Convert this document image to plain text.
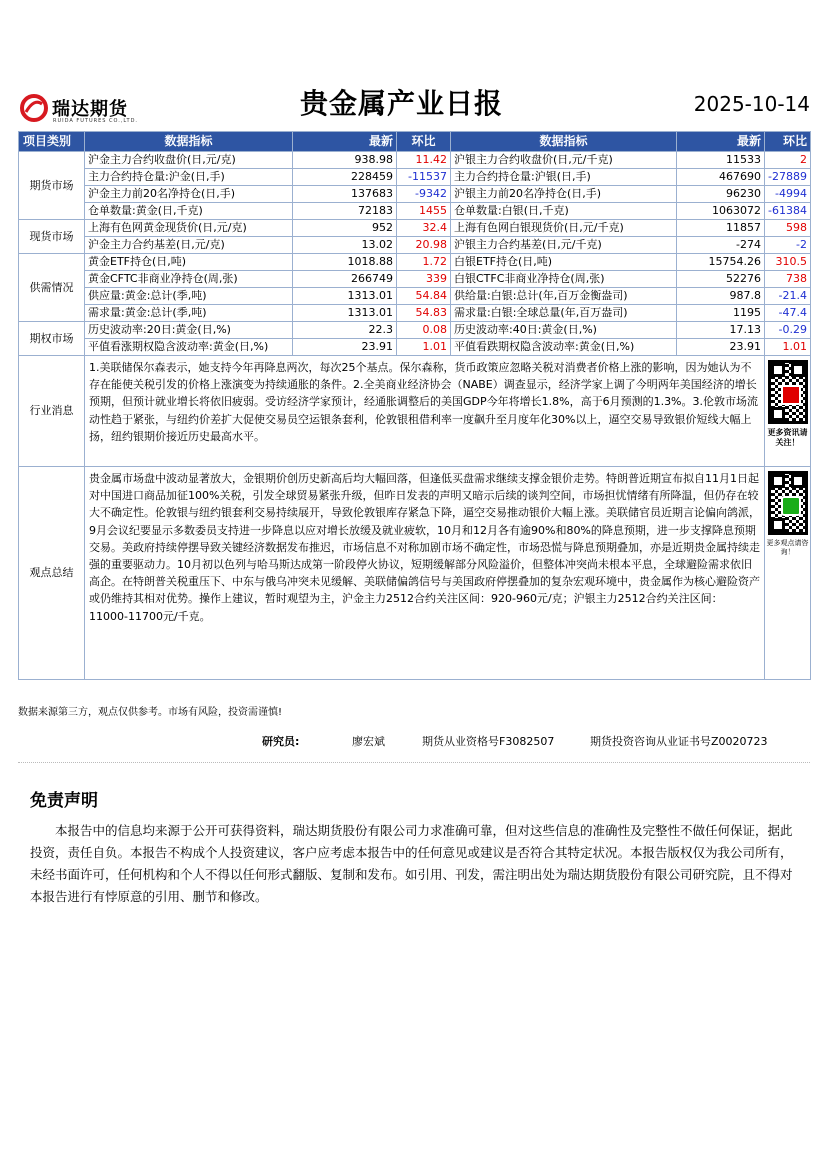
瑞达期货
RUIDA FUTURES CO.,LTD.
贵金属产业日报	2025-10-14
项目类别	数据指标	最新	环比	数据指标	最新	环比
期货市场	沪金主力合约收盘价(日,元/克)	938.98	11.42	沪银主力合约收盘价(日,元/千克)	11533	2
	主力合约持仓量:沪金(日,手)	228459	-11537	主力合约持仓量:沪银(日,手)	467690	-27889
	沪金主力前20名净持仓(日,手)	137683	-9342	沪银主力前20名净持仓(日,手)	96230	-4994
	仓单数量:黄金(日,千克)	72183	1455	仓单数量:白银(日,千克)	1063072	-61384
现货市场	上海有色网黄金现货价(日,元/克)	952	32.4	上海有色网白银现货价(日,元/千克)	11857	598
	沪金主力合约基差(日,元/克)	13.02	20.98	沪银主力合约基差(日,元/千克)	-274	-2
供需情况	黄金ETF持仓(日,吨)	1018.88	1.72	白银ETF持仓(日,吨)	15754.26	310.5
	黄金CFTC非商业净持仓(周,张)	266749	339	白银CTFC非商业净持仓(周,张)	52276	738
	供应量:黄金:总计(季,吨)	1313.01	54.84	供给量:白银:总计(年,百万金衡盎司)	987.8	-21.4
	需求量:黄金:总计(季,吨)	1313.01	54.83	需求量:白银:全球总量(年,百万盎司)	1195	-47.4
期权市场	历史波动率:20日:黄金(日,%)	22.3	0.08	历史波动率:40日:黄金(日,%)	17.13	-0.29
	平值看涨期权隐含波动率:黄金(日,%)	23.91	1.01	平值看跌期权隐含波动率:黄金(日,%)	23.91	1.01
行业消息	1.美联储保尔森表示，她支持今年再降息两次，每次25个基点。保尔森称，货币政策应忽略关税对消费者价格上涨的影响，因为她认为不存在能使关税引发的价格上涨演变为持续通胀的条件。2.全美商业经济协会（NABE）调查显示，经济学家上调了今明两年美国经济的增长预期，但预计就业增长将依旧疲弱。受访经济学家预计，经通胀调整后的美国GDP今年将增长1.8%，高于6月预测的1.3%。3.伦敦市场流动性趋于紧张，与纽约价差扩大促使交易员空运银条套利，伦敦银租借利率一度飙升至月度年化30%以上，逼空交易导致银价短线大幅上扬，纽约银期价接近历史最高水平。					更多资讯请关注！

观点总结	贵金属市场盘中波动显著放大，金银期价创历史新高后均大幅回落，但逢低买盘需求继续支撑金银价走势。特朗普近期宣布拟自11月1日起对中国进口商品加征100%关税，引发全球贸易紧张升级，但昨日发表的声明又暗示后续的谈判空间，市场担忧情绪有所降温，但仍存在较大不确定性。伦敦银与纽约银套利交易持续展开，导致伦敦银库存紧急下降，逼空交易推动银价大幅上涨。美联储官员近期言论偏向鸽派，9月会议纪要显示多数委员支持进一步降息以应对增长放缓及就业疲软，10月和12月各有逾90%和80%的降息预期，进一步支撑降息预期交易。美政府持续停摆导致关键经济数据发布推迟，市场信息不对称加剧市场不确定性，市场恐慌与降息预期叠加，亦是近期贵金属持续走强的重要驱动力。10月初以色列与哈马斯达成第一阶段停火协议，短期缓解部分风险溢价，但整体冲突尚未根本平息，全球避险需求依旧高企。在特朗普关税重压下、中东与俄乌冲突未见缓解、美联储偏鸽信号与美国政府停摆叠加的复杂宏观环境中，贵金属作为核心避险资产或仍维持其相对优势。操作上建议，暂时观望为主，沪金主力2512合约关注区间：920-960元/克；沪银主力2512合约关注区间：11000-11700元/千克。					更多观点请咨询！
数据来源第三方，观点仅供参考。市场有风险，投资需谨慎!
研究员:	廖宏斌	期货从业资格号F3082507	期货投资咨询从业证书号Z0020723
免责声明
本报告中的信息均来源于公开可获得资料，瑞达期货股份有限公司力求准确可靠，但对这些信息的准确性及完整性不做任何保证，据此投资，责任自负。本报告不构成个人投资建议，客户应考虑本报告中的任何意见或建议是否符合其特定状况。本报告版权仅为我公司所有，未经书面许可，任何机构和个人不得以任何形式翻版、复制和发布。如引用、刊发，需注明出处为瑞达期货股份有限公司研究院，且不得对本报告进行有悖原意的引用、删节和修改。
